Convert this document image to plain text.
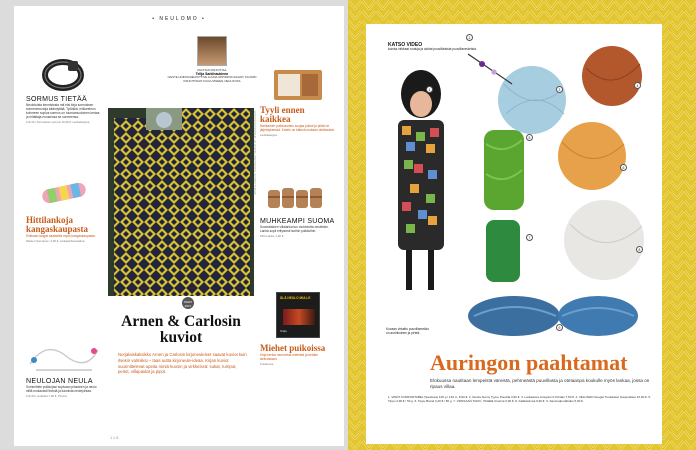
• NEULOMO •
PALSTAN KIRJOITTAA
Tellja Sarkihaukinen
NAISTE HOIDONHELPOTTIVE LUONA OPPIKIRJA SAAVAT, KAUNIIN KIRJOITTAVAT KUULUVINEEN, NEULOVISA
SORMUS TIETÄÄ
Neulotuista kennistosta mä etsi kirja sormuksen sormenmuotoja käännyttää. Työlikkä, mikkeeleun kohmeen sopiva sormus on tuumamuotoinen kertaa ja mitattaja muuseosa se sormeensa.
Knit Pro Sormuksen sormus 16,90 €, Lankakauppa.
Hittilankoja kangaskaupasta
Kirkkaan langat saatavilla myös kangaskaupasta.
Weston Sunnanen, 6,90 €, Lankatarhamaailma.
NEULOJAN NEULA
Sommittele puikkojasi sopivaan pituuteen ja neulo niillä mukavasti tiivistä ja kaunista neulepintaa.
Knit Pro neulaSet 7,90 €, Prisma.
ARNE & CARLOS: NORJALAISET NEULOTUT. MINERVA KUSTANNUS.
OMAT 2017
Arnen & Carlosin kuviot
Norjalaiskaksikko Arnen ja Carlosin kirjoneuleiset saavat kuviot kuin itsekin valmiiksi – taas uutta kirjoneule-ideaa. Kirjan kuviot suunnittelevat upeita nimiä kuosin ja virkkeissä: sukat, tumput, peitot, villapaidat ja pipot.
Tyyli ennen kaikkea
Nahkainen puikkokotelo suojaa puikot ja pitää ne järjestyksessä. Kotelo on kätevä mukaan otettavaksi.
Lankakauppa.
MUHKEAMPI SUOMA
Suomalainen villalanka tuo muhkeutta neuleisiin. Lanka sopii erityisesti isoihin puikkoihin.
Pirtti Lanka, 4,90 €.
ÄLÄ NEULO MULLE
Tekijä
Miehet puikoissa
Kirja kertoo neulovista miehistä ja heidän tarinoistaan.
Kustannus.
118
KATSO VIDEO
kuinka virkkaat ruutuja ja aloitat puuvillaisista puuvillaneuleista.
2
3
4
1
5
6
7
8
9
Kuvaan virkattu puuvillamekko on aurinkoinen ja pirteä.
Auringon paahtamat
Elokuussa nautitaan lempeistä väreistä, pehmeästä puuvillasta ja otetaanpa koukulle myös lankaa, jossa on ripaus villaa.
1. VINDT KOMFORTABEL (Sandnes) 100 g / 140 m, 8,90 €. 2. Novita Sunny Tyyne Puuvilla 3,90 €. 3. Lankastore Amigurumi Tehdas 7,50 €. 4. VELLINEN Nougat Tuotekasvi Gaupolaiset 10,90 €. 5. Tippu 4,90 € / 50 g. 6. Tippu Brand 3,40 € / 50 g. 7. VIRKKAAN TAKKI, Ylhäällä Unelma 6,90 €. 8. Kalkkisiimeä 9,90 €. 9. Sammalpudahdus 5,00 €.
